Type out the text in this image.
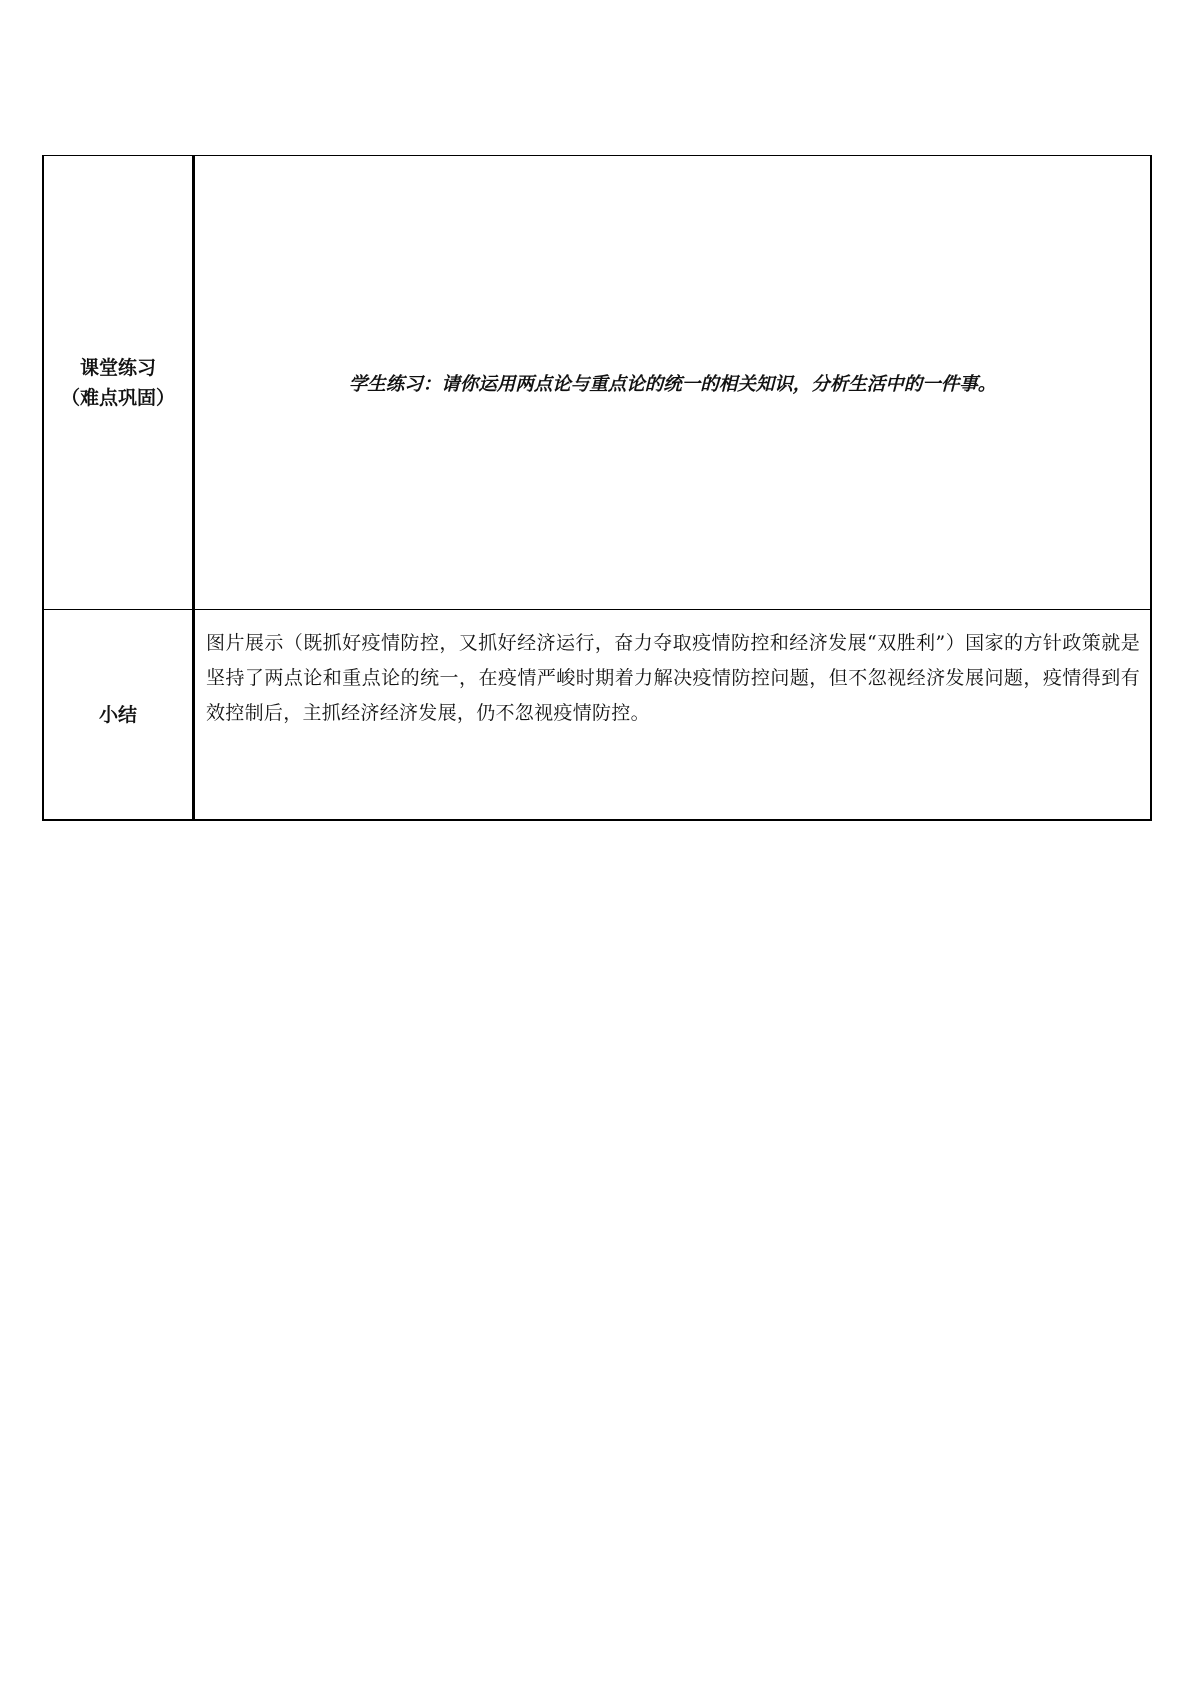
课堂练习
（难点巩固）	学生练习：请你运用两点论与重点论的统一的相关知识，分析生活中的一件事。

小结	图片展示（既抓好疫情防控，又抓好经济运行，奋力夺取疫情防控和经济发展“双胜利”）国家的方针政策就是坚持了两点论和重点论的统一，在疫情严峻时期着力解决疫情防控问题，但不忽视经济发展问题，疫情得到有效控制后，主抓经济经济发展，仍不忽视疫情防控。
